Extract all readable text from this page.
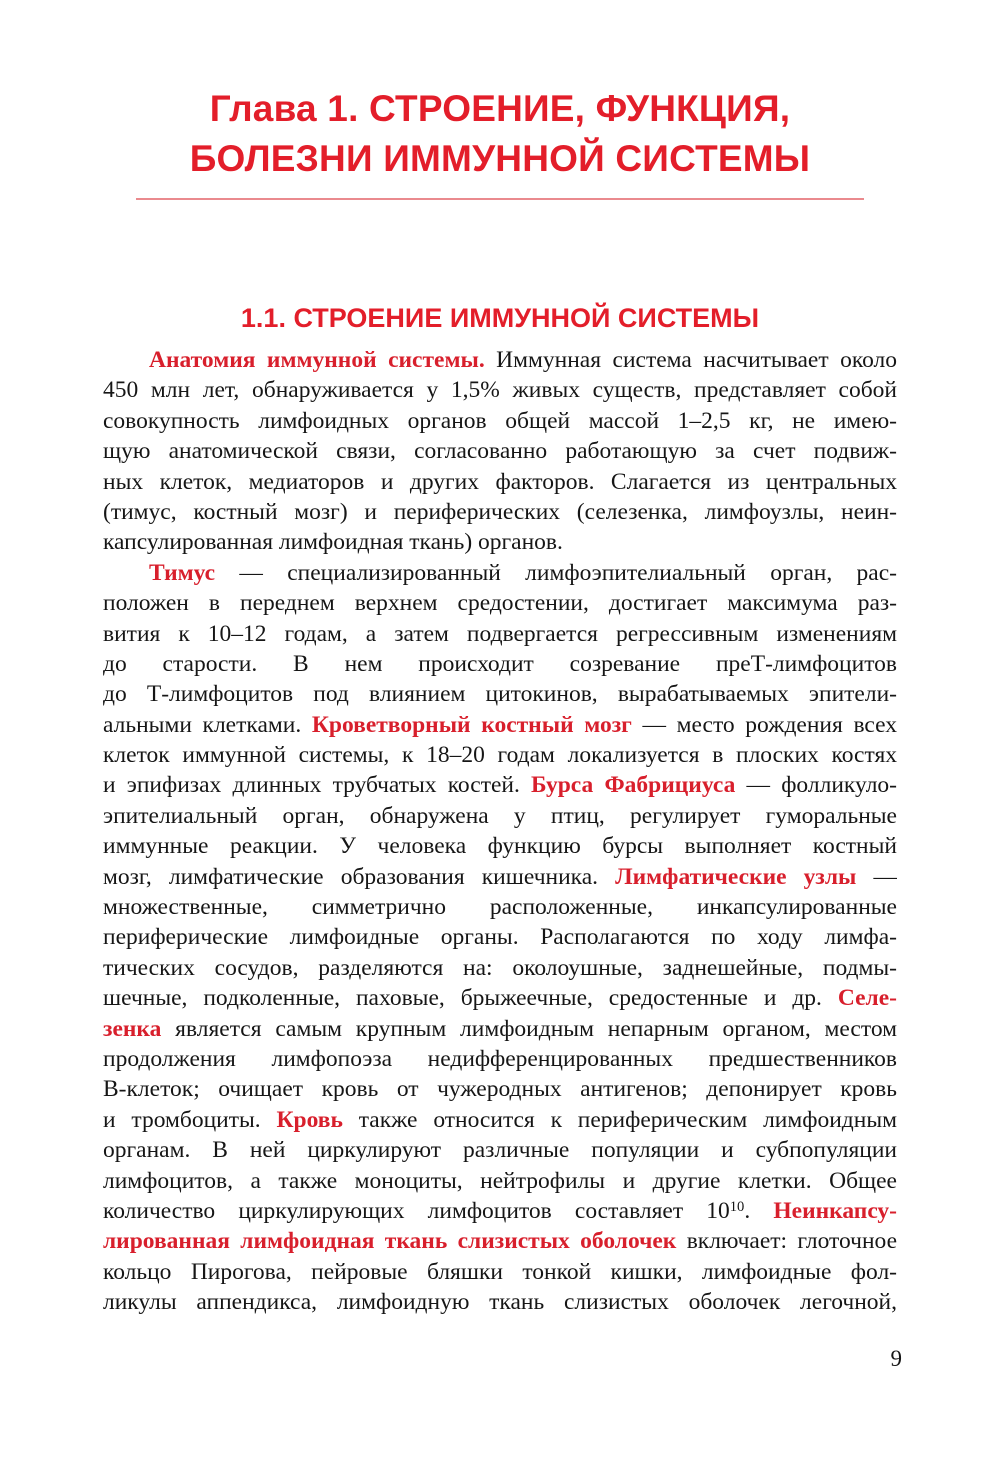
Глава 1. СТРОЕНИЕ, ФУНКЦИЯ,
БОЛЕЗНИ ИММУННОЙ СИСТЕМЫ
1.1. СТРОЕНИЕ ИММУННОЙ СИСТЕМЫ
Анатомия иммунной системы. Иммунная система насчитывает около
450 млн лет, обнаруживается у 1,5% живых существ, представляет собой
совокупность лимфоидных органов общей массой 1–2,5 кг, не имею-
щую анатомической связи, согласованно работающую за счет подвиж-
ных клеток, медиаторов и других факторов. Слагается из центральных
(тимус, костный мозг) и периферических (селезенка, лимфоузлы, неин-
капсулированная лимфоидная ткань) органов.
Тимус — специализированный лимфоэпителиальный орган, рас-
положен в переднем верхнем средостении, достигает максимума раз-
вития к 10–12 годам, а затем подвергается регрессивным изменениям
до старости. В нем происходит созревание преТ-лимфоцитов
до Т-лимфоцитов под влиянием цитокинов, вырабатываемых эпители-
альными клетками. Кроветворный костный мозг — место рождения всех
клеток иммунной системы, к 18–20 годам локализуется в плоских костях
и эпифизах длинных трубчатых костей. Бурса Фабрициуса — фолликуло-
эпителиальный орган, обнаружена у птиц, регулирует гуморальные
иммунные реакции. У человека функцию бурсы выполняет костный
мозг, лимфатические образования кишечника. Лимфатические узлы —
множественные, симметрично расположенные, инкапсулированные
периферические лимфоидные органы. Располагаются по ходу лимфа-
тических сосудов, разделяются на: околоушные, заднешейные, подмы-
шечные, подколенные, паховые, брыжеечные, средостенные и др. Селе-
зенка является самым крупным лимфоидным непарным органом, местом
продолжения лимфопоэза недифференцированных предшественников
В-клеток; очищает кровь от чужеродных антигенов; депонирует кровь
и тромбоциты. Кровь также относится к периферическим лимфоидным
органам. В ней циркулируют различные популяции и субпопуляции
лимфоцитов, а также моноциты, нейтрофилы и другие клетки. Общее
количество циркулирующих лимфоцитов составляет $10^{10}$. Неинкапсу-
лированная лимфоидная ткань слизистых оболочек включает: глоточное
кольцо Пирогова, пейровые бляшки тонкой кишки, лимфоидные фол-
ликулы аппендикса, лимфоидную ткань слизистых оболочек легочной,
9
